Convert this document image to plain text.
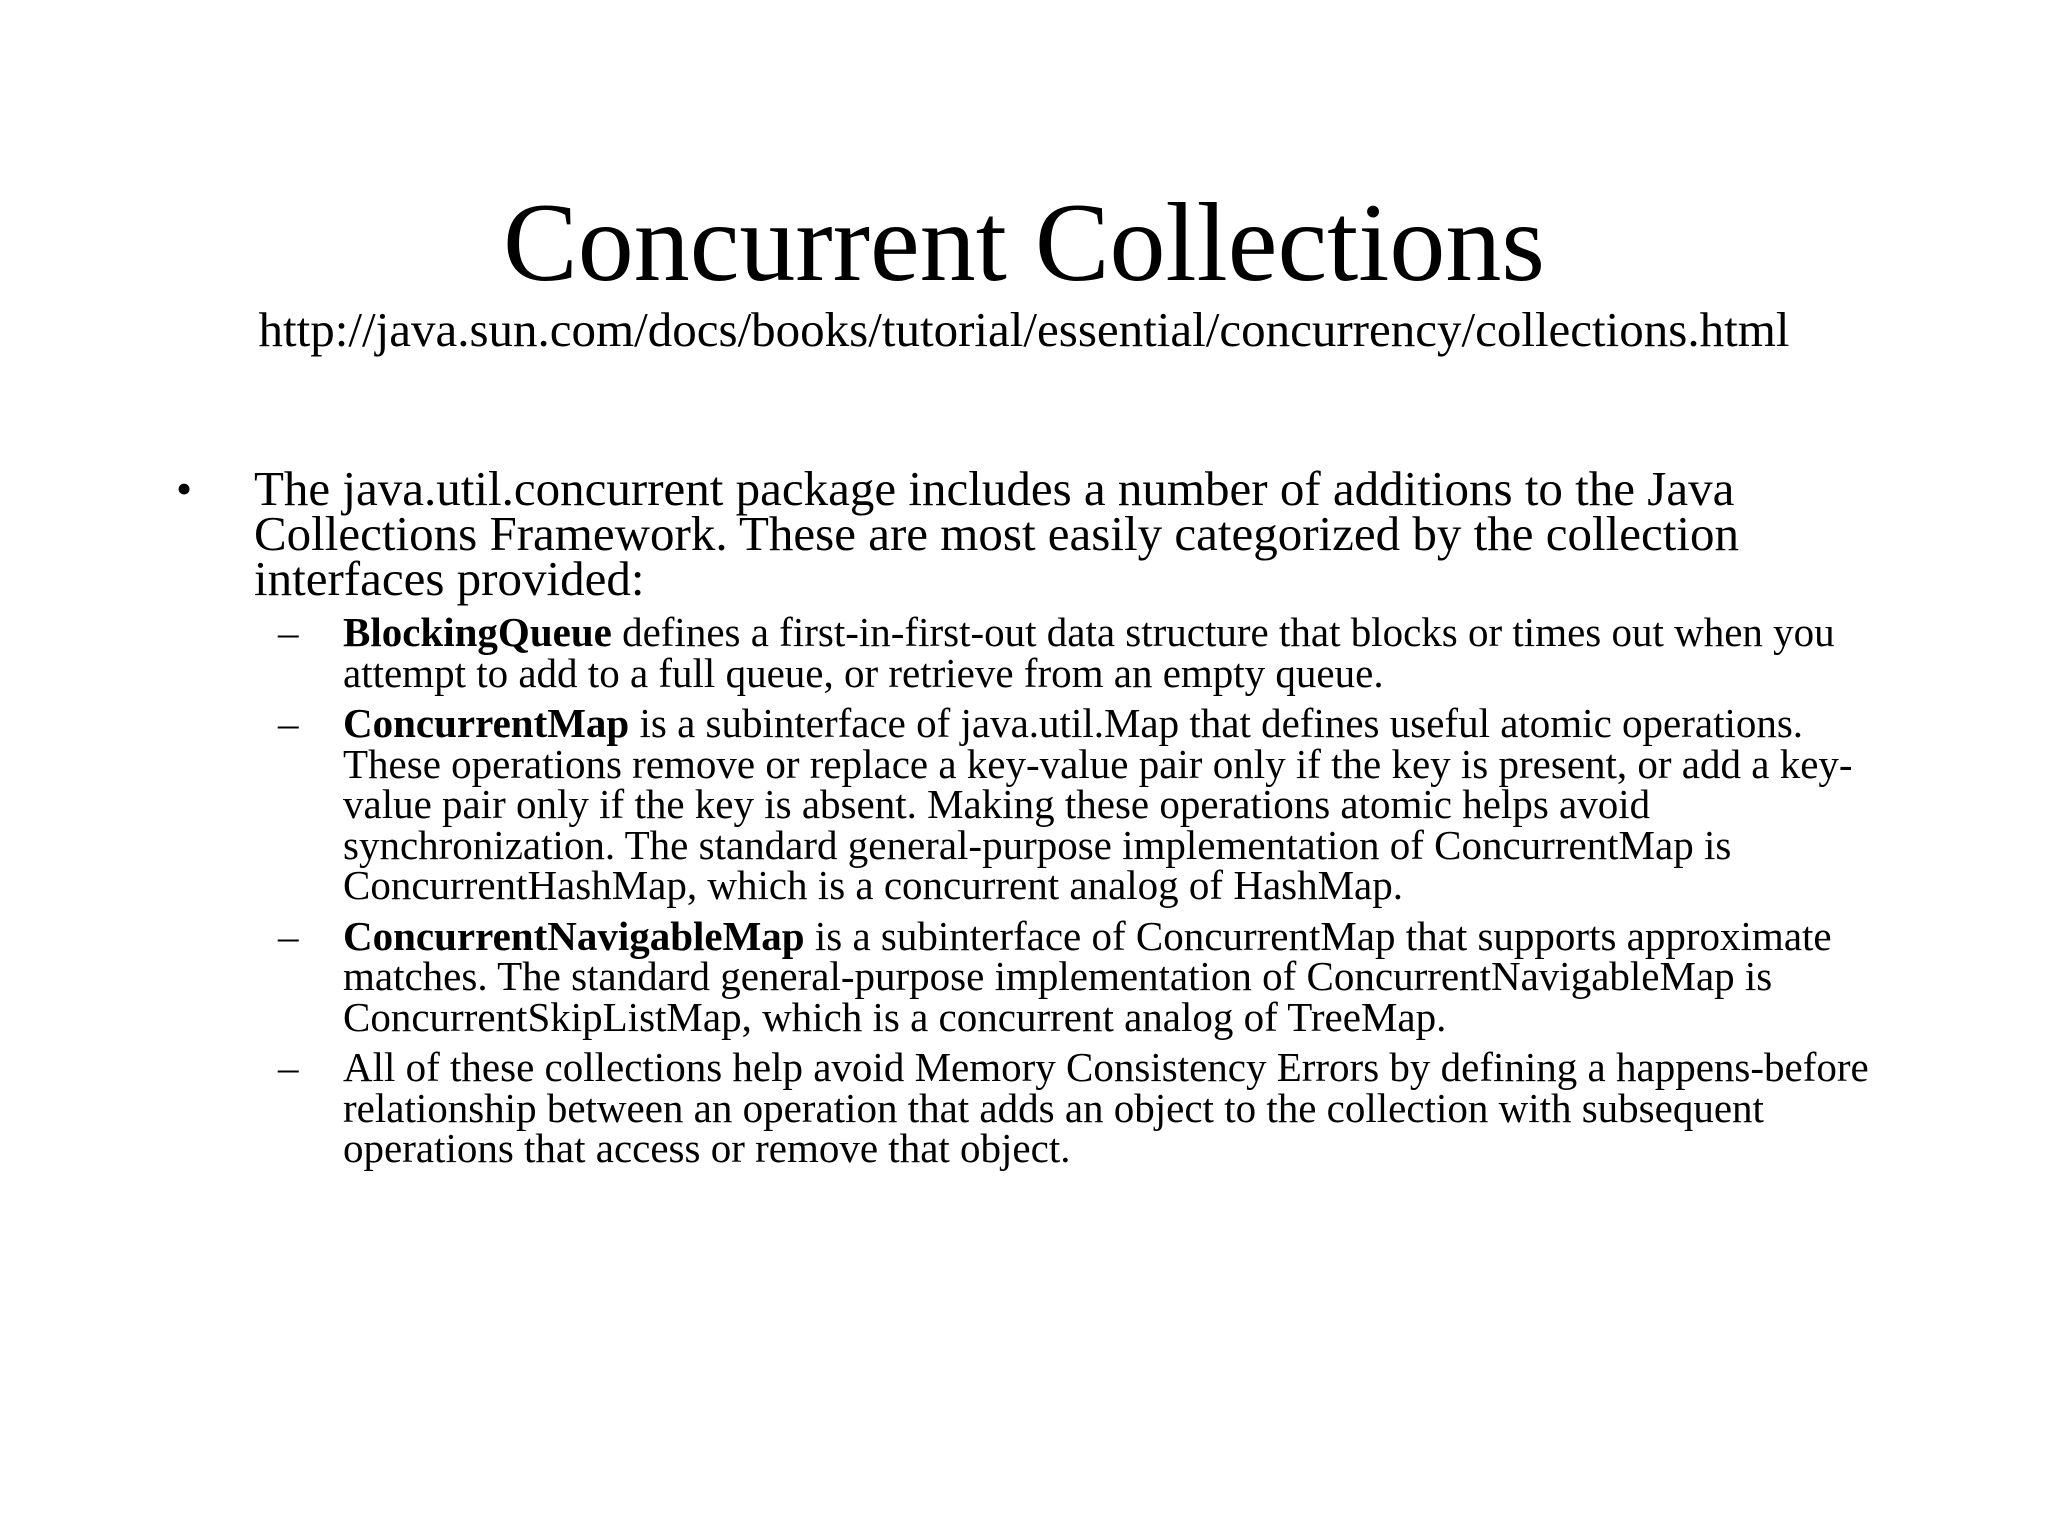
Concurrent Collections
http://java.sun.com/docs/books/tutorial/essential/concurrency/collections.html
• The java.util.concurrent package includes a number of additions to the Java Collections Framework. These are most easily categorized by the collection interfaces provided:
– BlockingQueue defines a first-in-first-out data structure that blocks or times out when you attempt to add to a full queue, or retrieve from an empty queue.
– ConcurrentMap is a subinterface of java.util.Map that defines useful atomic operations. These operations remove or replace a key-value pair only if the key is present, or add a key-value pair only if the key is absent. Making these operations atomic helps avoid synchronization. The standard general-purpose implementation of ConcurrentMap is ConcurrentHashMap, which is a concurrent analog of HashMap.
– ConcurrentNavigableMap is a subinterface of ConcurrentMap that supports approximate matches. The standard general-purpose implementation of ConcurrentNavigableMap is ConcurrentSkipListMap, which is a concurrent analog of TreeMap.
– All of these collections help avoid Memory Consistency Errors by defining a happens-before relationship between an operation that adds an object to the collection with subsequent operations that access or remove that object.
